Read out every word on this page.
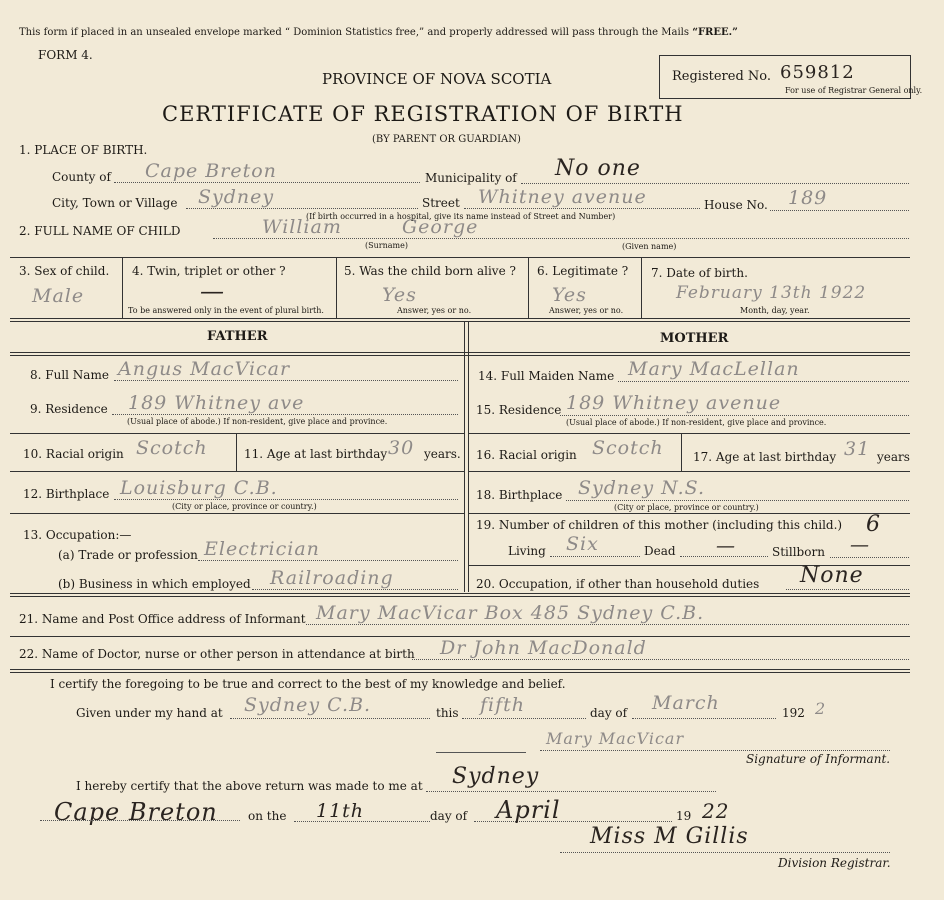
This form if placed in an unsealed envelope marked “ Dominion Statistics free,” and properly addressed will pass through the Mails “FREE.”
FORM 4.
PROVINCE OF NOVA SCOTIA	Registered No. 659812
For use of Registrar General only.
CERTIFICATE OF REGISTRATION OF BIRTH
(BY PARENT OR GUARDIAN)
1. PLACE OF BIRTH.
County of Cape Breton	Municipality of No one
City, Town or Village Sydney	Street Whitney avenue	House No. 189
(If birth occurred in a hospital, give its name instead of Street and Number)
2. FULL NAME OF CHILD	William	George
(Surname)	(Given name)
3. Sex of child.
Male
4. Twin, triplet or other ?
—
To be answered only in the event of plural birth.
5. Was the child born alive ?
Yes
Answer, yes or no.
6. Legitimate ?
Yes
Answer, yes or no.
7. Date of birth.
February 13th 1922
Month, day, year.
FATHER	MOTHER
8. Full Name Angus MacVicar
9. Residence 189 Whitney ave
(Usual place of abode.) If non-resident, give place and province.
10. Racial origin Scotch	11. Age at last birthday 30 years.
12. Birthplace Louisburg C.B.
(City or place, province or country.)
13. Occupation:—
(a) Trade or profession Electrician
(b) Business in which employed Railroading
14. Full Maiden Name Mary MacLellan
15. Residence 189 Whitney avenue
(Usual place of abode.) If non-resident, give place and province.
16. Racial origin Scotch 17. Age at last birthday 31 years
18. Birthplace Sydney N.S.
(City or place, province or country.)
19. Number of children of this mother (including this child.) 6
Living Six	Dead —	Stillborn —
20. Occupation, if other than household duties None
21. Name and Post Office address of Informant Mary MacVicar Box 485 Sydney C.B.
22. Name of Doctor, nurse or other person in attendance at birth Dr John MacDonald
I certify the foregoing to be true and correct to the best of my knowledge and belief.
Given under my hand at Sydney C.B.	this fifth	day of March	192 2
Mary MacVicar
Signature of Informant.
I hereby certify that the above return was made to me at Sydney
Cape Breton	on the 11th	day of April	19 22
Miss M Gillis
Division Registrar.
